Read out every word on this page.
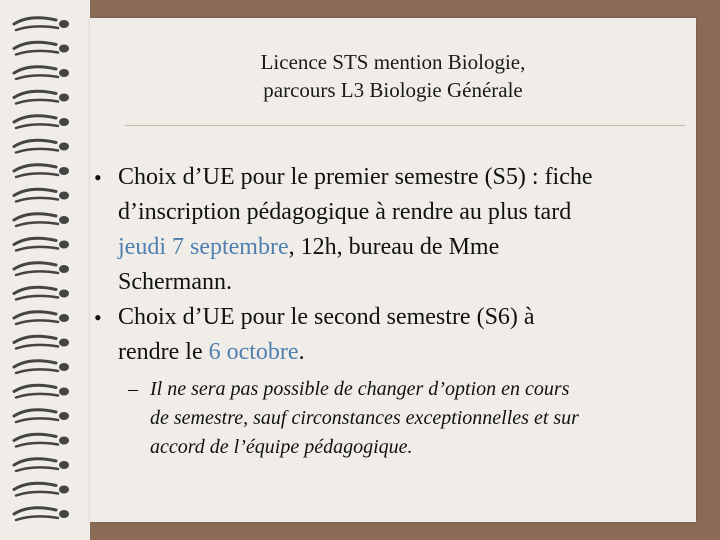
Licence STS mention Biologie,
parcours L3 Biologie Générale
• Choix d’UE pour le premier semestre (S5) : fiche
d’inscription pédagogique à rendre au plus tard
jeudi 7 septembre, 12h, bureau de Mme
Schermann.
• Choix d’UE pour le second semestre (S6) à
rendre le 6 octobre.
– Il ne sera pas possible de changer d’option en cours
de semestre, sauf circonstances exceptionnelles et sur
accord de l’équipe pédagogique.
